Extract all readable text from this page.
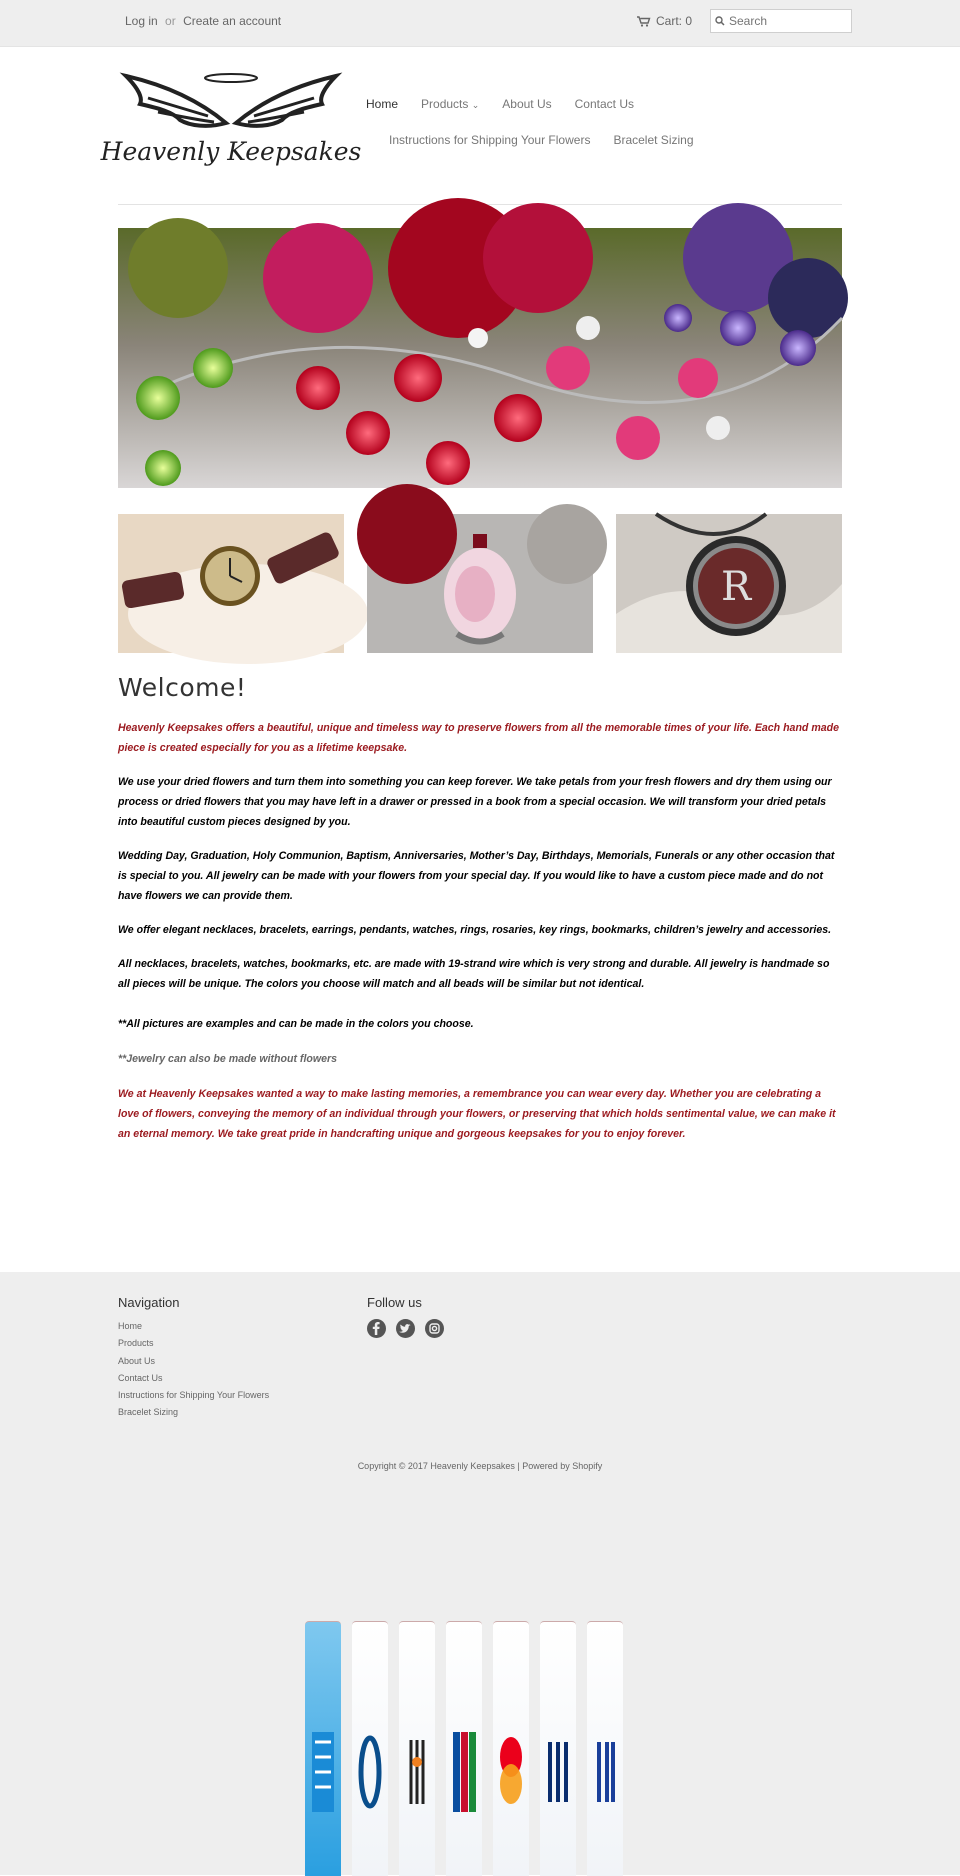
Log in or Create an account	Cart: 0
Search
Heavenly Keepsakes
Home Products ⌄ About Us Contact Us
Instructions for Shipping Your Flowers Bracelet Sizing
R
Welcome!

Heavenly Keepsakes offers a beautiful, unique and timeless way to preserve flowers from all the memorable times of your life. Each hand made piece is created especially for you as a lifetime keepsake.

We use your dried flowers and turn them into something you can keep forever. We take petals from your fresh flowers and dry them using our process or dried flowers that you may have left in a drawer or pressed in a book from a special occasion. We will transform your dried petals into beautiful custom pieces designed by you.

Wedding Day, Graduation, Holy Communion, Baptism, Anniversaries, Mother’s Day, Birthdays, Memorials, Funerals or any other occasion that is special to you. All jewelry can be made with your flowers from your special day. If you would like to have a custom piece made and do not have flowers we can provide them.

We offer elegant necklaces, bracelets, earrings, pendants, watches, rings, rosaries, key rings, bookmarks, children’s jewelry and accessories.

All necklaces, bracelets, watches, bookmarks, etc. are made with 19-strand wire which is very strong and durable. All jewelry is handmade so all pieces will be unique. The colors you choose will match and all beads will be similar but not identical.

**All pictures are examples and can be made in the colors you choose.

**Jewelry can also be made without flowers

We at Heavenly Keepsakes wanted a way to make lasting memories, a remembrance you can wear every day. Whether you are celebrating a love of flowers, conveying the memory of an individual through your flowers, or preserving that which holds sentimental value, we can make it an eternal memory. We take great pride in handcrafting unique and gorgeous keepsakes for you to enjoy forever.

Navigation
Home
Products
About Us
Contact Us
Instructions for Shipping Your Flowers
Bracelet Sizing
Follow us
Copyright © 2017 Heavenly Keepsakes | Powered by Shopify
